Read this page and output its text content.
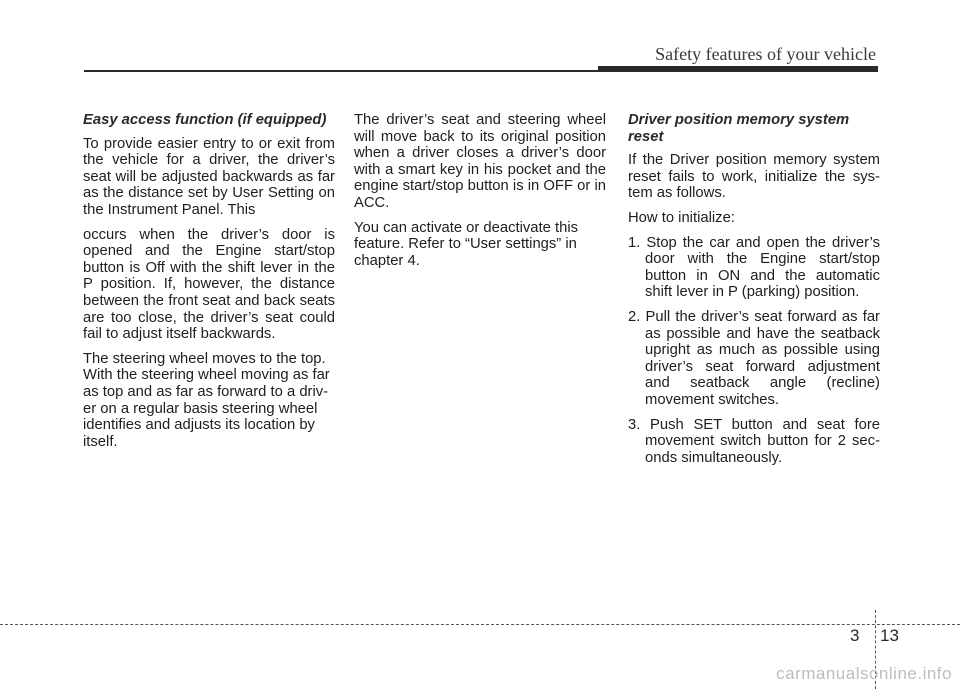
Safety features of your vehicle
Easy access function (if equipped)

To provide easier entry to or exit from the vehicle for a driver, the driver’s seat will be adjusted backwards as far as the distance set by User Setting on the Instrument Panel. This

occurs when the driver’s door is opened and the Engine start/stop button is Off with the shift lever in the P position. If, however, the distance between the front seat and back seats are too close, the driver’s seat could fail to adjust itself backwards.

The steering wheel moves to the top. With the steering wheel moving as far as top and as far as forward to a driv- er on a regular basis steering wheel identifies and adjusts its location by itself.

The driver’s seat and steering wheel will move back to its original position when a driver closes a driver’s door with a smart key in his pocket and the engine start/stop button is in OFF or in ACC.

You can activate or deactivate this feature. Refer to “User settings” in chapter 4.

Driver position memory system reset

If the Driver position memory system reset fails to work, initialize the sys- tem as follows.

How to initialize:

1. Stop the car and open the driver’s door with the Engine start/stop button in ON and the automatic shift lever in P (parking) position.
2. Pull the driver’s seat forward as far as possible and have the seatback upright as much as possible using driver’s seat forward adjustment and seatback angle (recline) movement switches.
3. Push SET button and seat fore movement switch button for 2 sec- onds simultaneously.
3 13
carmanualsonline.info
